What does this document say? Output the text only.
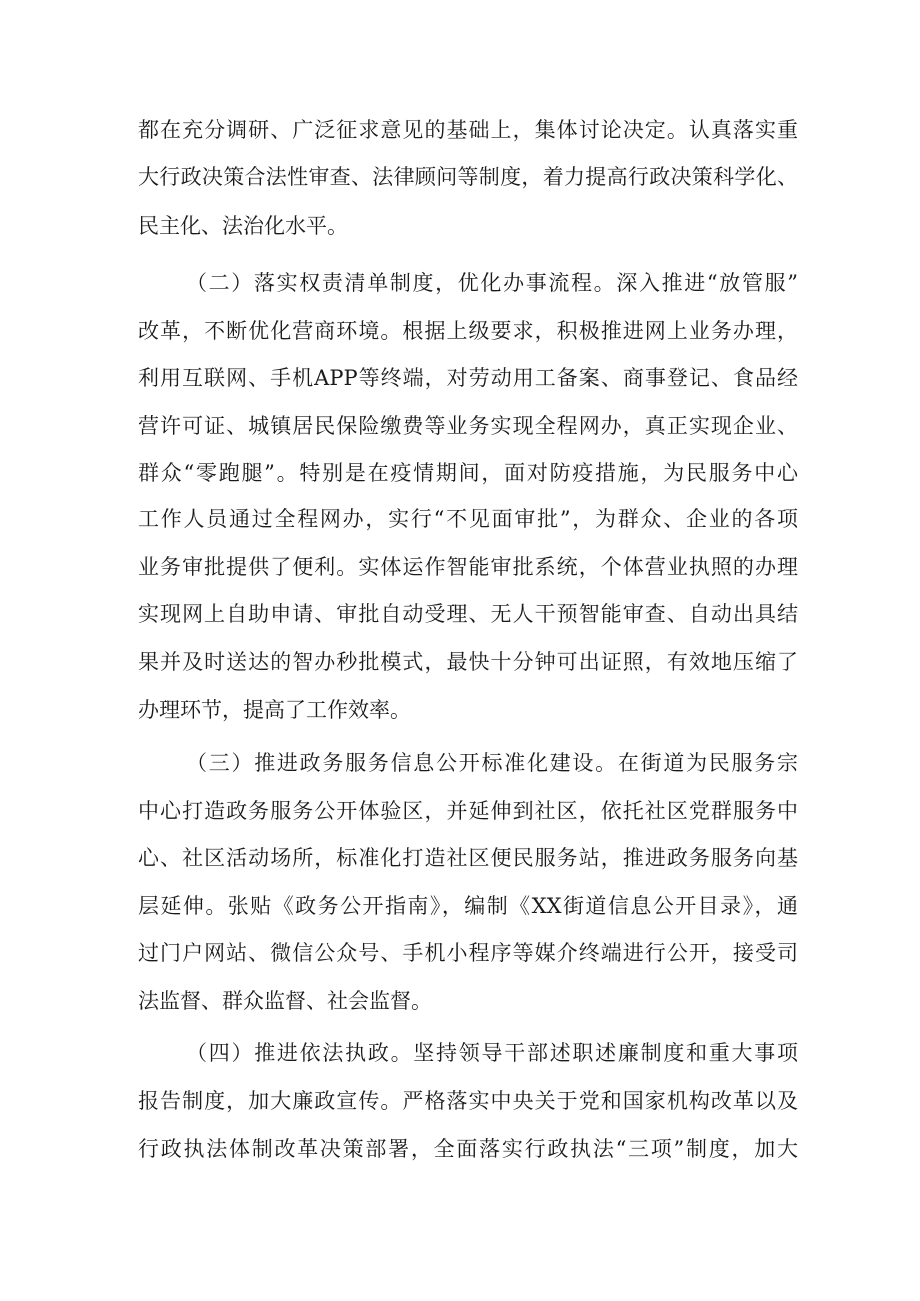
都在充分调研、广泛征求意见的基础上，集体讨论决定。认真落实重
大行政决策合法性审查、法律顾问等制度，着力提高行政决策科学化、
民主化、法治化水平。
（二）落实权责清单制度，优化办事流程。深入推进“放管服”
改革，不断优化营商环境。根据上级要求，积极推进网上业务办理，
利用互联网、手机APP等终端，对劳动用工备案、商事登记、食品经
营许可证、城镇居民保险缴费等业务实现全程网办，真正实现企业、
群众“零跑腿”。特别是在疫情期间，面对防疫措施，为民服务中心
工作人员通过全程网办，实行“不见面审批”，为群众、企业的各项
业务审批提供了便利。实体运作智能审批系统，个体营业执照的办理
实现网上自助申请、审批自动受理、无人干预智能审查、自动出具结
果并及时送达的智办秒批模式，最快十分钟可出证照，有效地压缩了
办理环节，提高了工作效率。
（三）推进政务服务信息公开标准化建设。在街道为民服务宗
中心打造政务服务公开体验区，并延伸到社区，依托社区党群服务中
心、社区活动场所，标准化打造社区便民服务站，推进政务服务向基
层延伸。张贴《政务公开指南》，编制《XX街道信息公开目录》，通
过门户网站、微信公众号、手机小程序等媒介终端进行公开，接受司
法监督、群众监督、社会监督。
（四）推进依法执政。坚持领导干部述职述廉制度和重大事项
报告制度，加大廉政宣传。严格落实中央关于党和国家机构改革以及
行政执法体制改革决策部署，全面落实行政执法“三项”制度，加大
